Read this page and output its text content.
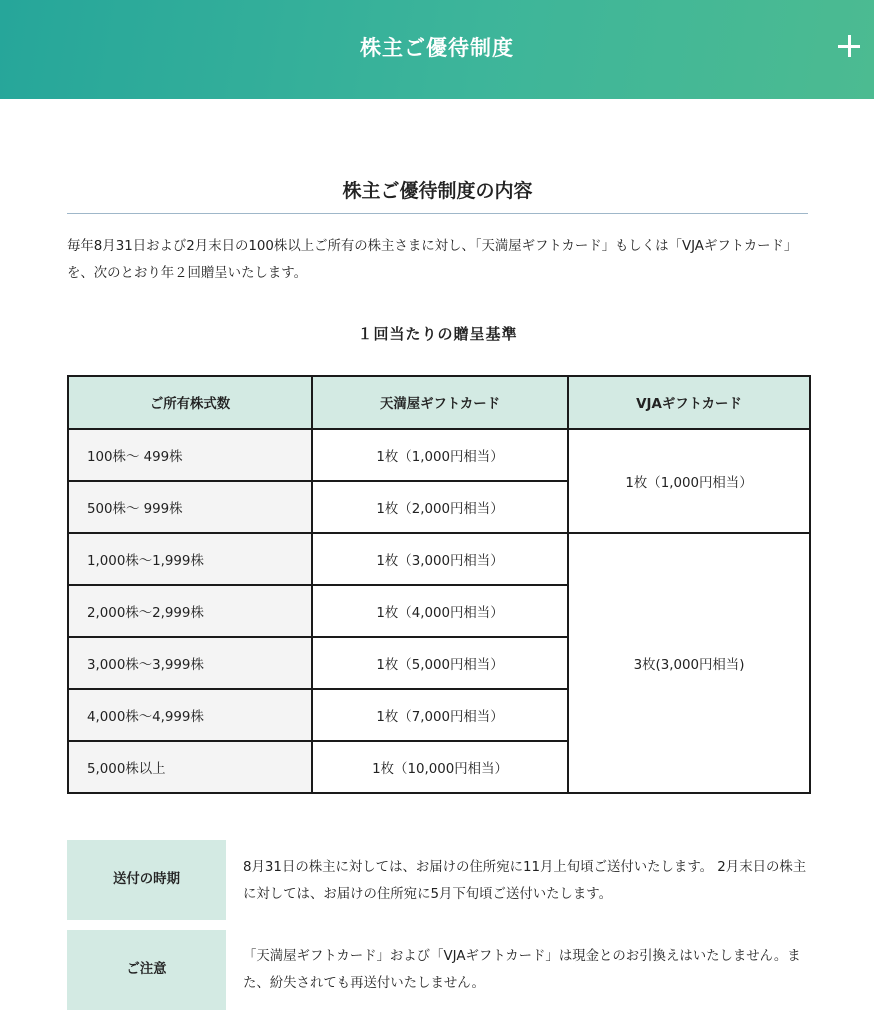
株主ご優待制度
株主ご優待制度の内容
毎年8月31日および2月末日の100株以上ご所有の株主さまに対し、「天満屋ギフトカード」もしくは「VJAギフトカード」を、次のとおり年２回贈呈いたします。
１回当たりの贈呈基準
ご所有株式数	天満屋ギフトカード	VJAギフトカード
100株～ 499株	1枚（1,000円相当）	1枚（1,000円相当）
500株～ 999株	1枚（2,000円相当）	
1,000株～1,999株	1枚（3,000円相当）	3枚(3,000円相当)
2,000株～2,999株	1枚（4,000円相当）	
3,000株～3,999株	1枚（5,000円相当）	
4,000株～4,999株	1枚（7,000円相当）	
5,000株以上	1枚（10,000円相当）	
送付の時期
8月31日の株主に対しては、お届けの住所宛に11月上旬頃ご送付いたします。 2月末日の株主に対しては、お届けの住所宛に5月下旬頃ご送付いたします。
ご注意
「天満屋ギフトカード」および「VJAギフトカード」は現金とのお引換えはいたしません。また、紛失されても再送付いたしません。
